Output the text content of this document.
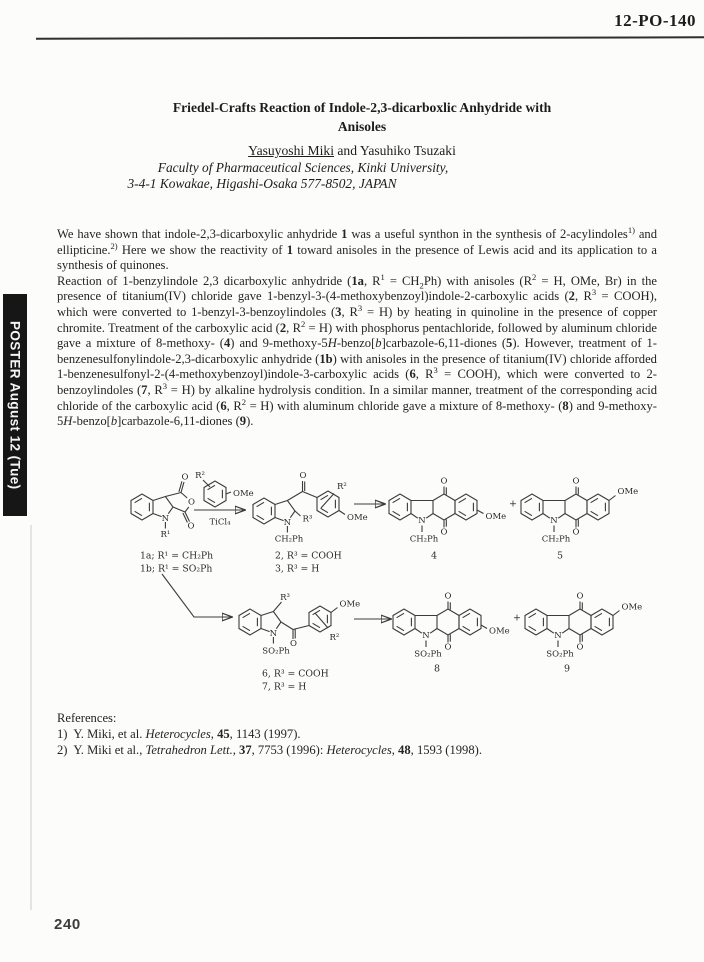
12-PO-140
Friedel-Crafts Reaction of Indole-2,3-dicarboxlic Anhydride with
Anisoles
Yasuyoshi Miki and Yasuhiko Tsuzaki
Faculty of Pharmaceutical Sciences, Kinki University,
3-4-1 Kowakae, Higashi-Osaka 577-8502, JAPAN
POSTER August 12 (Tue)

We have shown that indole-2,3-dicarboxylic anhydride 1 was a useful synthon in the synthesis of 2-acylindoles$^{1)}$ and ellipticine.$^{2)}$ Here we show the reactivity of 1 toward anisoles in the presence of Lewis acid and its application to a synthesis of quinones.

Reaction of 1-benzylindole 2,3 dicarboxylic anhydride (1a, $R^1 = CH_2Ph$) with anisoles ($R^2 = H$, OMe, Br) in the presence of titanium(IV) chloride gave 1-benzyl-3-(4-methoxybenzoyl)indole-2-carboxylic acids (2, $R^3$ = COOH), which were converted to 1-benzyl-3-benzoylindoles (3, $R^3 = H$) by heating in quinoline in the presence of copper chromite. Treatment of the carboxylic acid (2, $R^2 = H$) with phosphorus pentachloride, followed by aluminum chloride gave a mixture of 8-methoxy- (4) and 9-methoxy-5H-benzo[b]carbazole-6,11-diones (5). However, treatment of 1-benzenesulfonylindole-2,3-dicarboxylic anhydride (1b) with anisoles in the presence of titanium(IV) chloride afforded 1-benzenesulfonyl-2-(4-methoxybenzoyl)indole-3-carboxylic acids (6, $R^3$ = COOH), which were converted to 2-benzoylindoles (7, $R^3 = H$) by alkaline hydrolysis condition. In a similar manner, treatment of the corresponding acid chloride of the carboxylic acid (6, $R^2 = H$) with aluminum chloride gave a mixture of 8-methoxy- (8) and 9-methoxy-5H-benzo[b]carbazole-6,11-diones (9).

N
R¹
O
O
O
1a; R¹ = CH₂Ph
1b; R¹ = SO₂Ph
R²
OMe
TiCl₄	N
CH₂Ph
R³
O
R²
OMe
2, R³ = COOH
3, R³ = H
N
CH₂Ph
O
O
OMe
4
+
N
CH₂Ph
O
O
OMe
5
N
SO₂Ph
R³
O
OMe
R²
6, R³ = COOH
7, R³ = H
N
SO₂Ph
O
O
OMe
8
+
N
SO₂Ph
O
O
OMe
9
References:
1)  Y. Miki, et al. Heterocycles, 45, 1143 (1997).
2)  Y. Miki et al., Tetrahedron Lett., 37, 7753 (1996): Heterocycles, 48, 1593 (1998).
240
